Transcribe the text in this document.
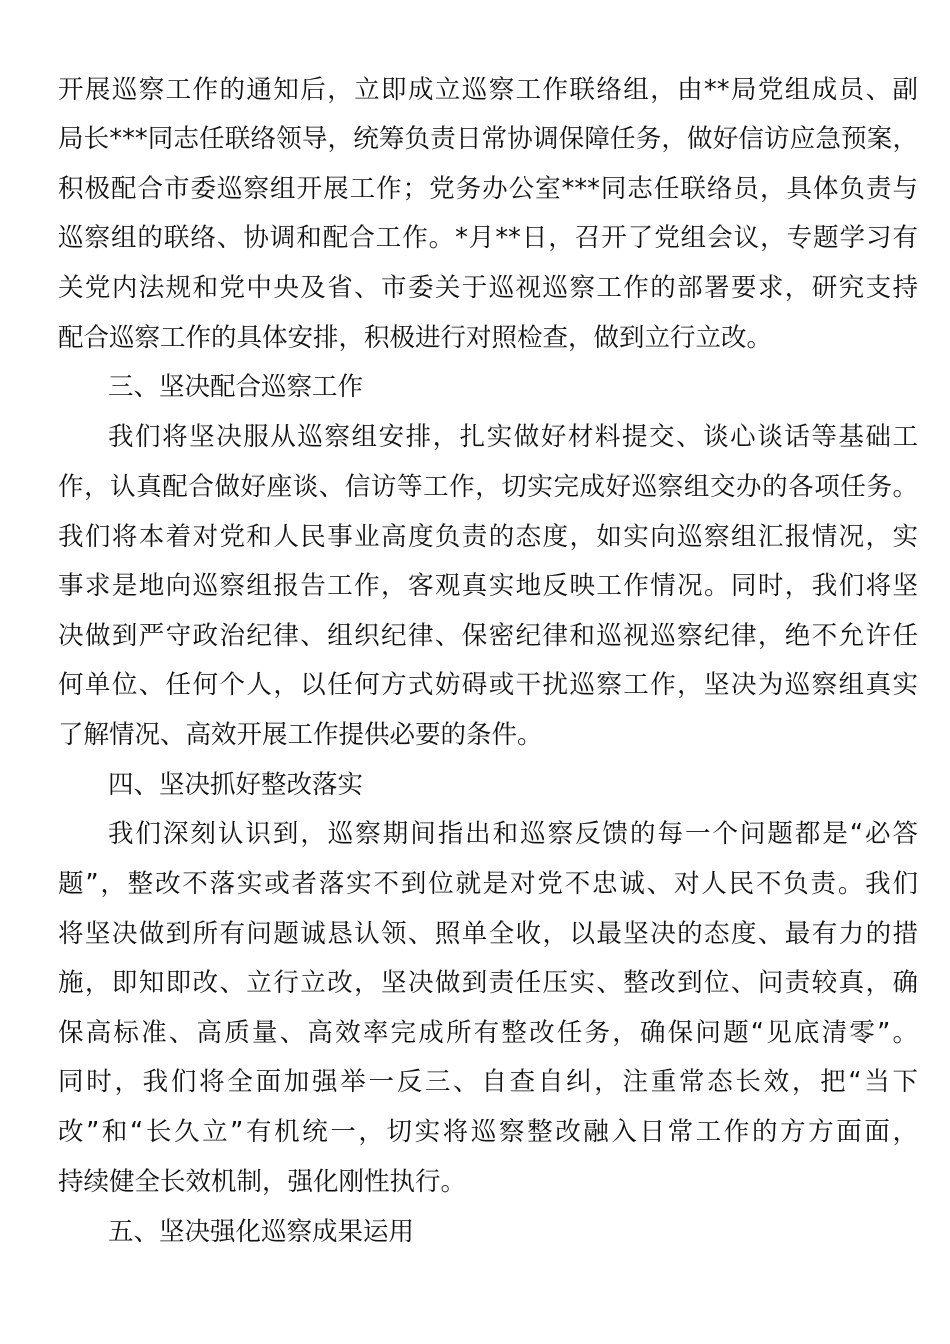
开展巡察工作的通知后，立即成立巡察工作联络组，由**局党组成员、副
局长***同志任联络领导，统筹负责日常协调保障任务，做好信访应急预案，
积极配合市委巡察组开展工作；党务办公室***同志任联络员，具体负责与
巡察组的联络、协调和配合工作。*月**日，召开了党组会议，专题学习有
关党内法规和党中央及省、市委关于巡视巡察工作的部署要求，研究支持
配合巡察工作的具体安排，积极进行对照检查，做到立行立改。
三、坚决配合巡察工作
我们将坚决服从巡察组安排，扎实做好材料提交、谈心谈话等基础工
作，认真配合做好座谈、信访等工作，切实完成好巡察组交办的各项任务。
我们将本着对党和人民事业高度负责的态度，如实向巡察组汇报情况，实
事求是地向巡察组报告工作，客观真实地反映工作情况。同时，我们将坚
决做到严守政治纪律、组织纪律、保密纪律和巡视巡察纪律，绝不允许任
何单位、任何个人，以任何方式妨碍或干扰巡察工作，坚决为巡察组真实
了解情况、高效开展工作提供必要的条件。
四、坚决抓好整改落实
我们深刻认识到，巡察期间指出和巡察反馈的每一个问题都是“必答
题”，整改不落实或者落实不到位就是对党不忠诚、对人民不负责。我们
将坚决做到所有问题诚恳认领、照单全收，以最坚决的态度、最有力的措
施，即知即改、立行立改，坚决做到责任压实、整改到位、问责较真，确
保高标准、高质量、高效率完成所有整改任务，确保问题“见底清零”。
同时，我们将全面加强举一反三、自查自纠，注重常态长效，把“当下
改”和“长久立”有机统一，切实将巡察整改融入日常工作的方方面面，
持续健全长效机制，强化刚性执行。
五、坚决强化巡察成果运用
